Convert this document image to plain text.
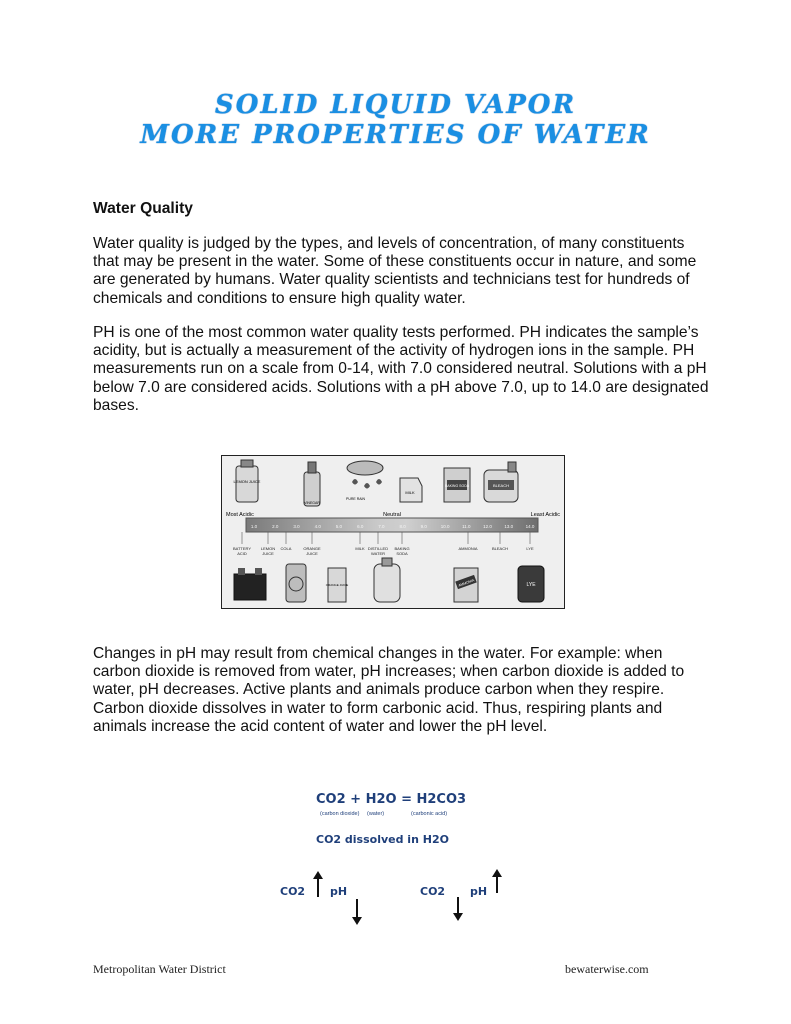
SOLID LIQUID VAPOR
MORE PROPERTIES OF WATER
Water Quality
Water quality is judged by the types, and levels of concentration, of many constituents that may be present in the water. Some of these constituents occur in nature, and some are generated by humans. Water quality scientists and technicians test for hundreds of chemicals and conditions to ensure high quality water.
PH is one of the most common water quality tests performed. PH indicates the sample’s acidity, but is actually a measurement of the activity of hydrogen ions in the sample. PH measurements run on a scale from 0-14, with 7.0 considered neutral. Solutions with a pH below 7.0 are considered acids. Solutions with a pH above 7.0, up to 14.0 are designated bases.
LEMON JUICE
VINEGAR
PURE RAIN
MILK
BAKING SODA	BLEACH
Most Acidic	Neutral	Least Acidic
1.0	2.0	3.0	4.0	5.0	6.0	7.0	8.0	9.0	10.0	11.0	12.0	13.0	14.0
BATTERY
ACID
LEMON
JUICE
COLA	ORANGE
JUICE
MILK DISTILLED
WATER
BAKING
SODA
AMMONIA	BLEACH	LYE
ORANGE JUICE	AMMONIA	LYE
Changes in pH may result from chemical changes in the water. For example: when carbon dioxide is removed from water, pH increases; when carbon dioxide is added to water, pH decreases. Active plants and animals produce carbon when they respire. Carbon dioxide dissolves in water to form carbonic acid. Thus, respiring plants and animals increase the acid content of water and lower the pH level.
CO2 + H2O = H2CO3
(carbon dioxide) (water)	(carbonic acid)
CO2 dissolved in H2O
CO2 pH	CO2 pH
Metropolitan Water District	bewaterwise.com
